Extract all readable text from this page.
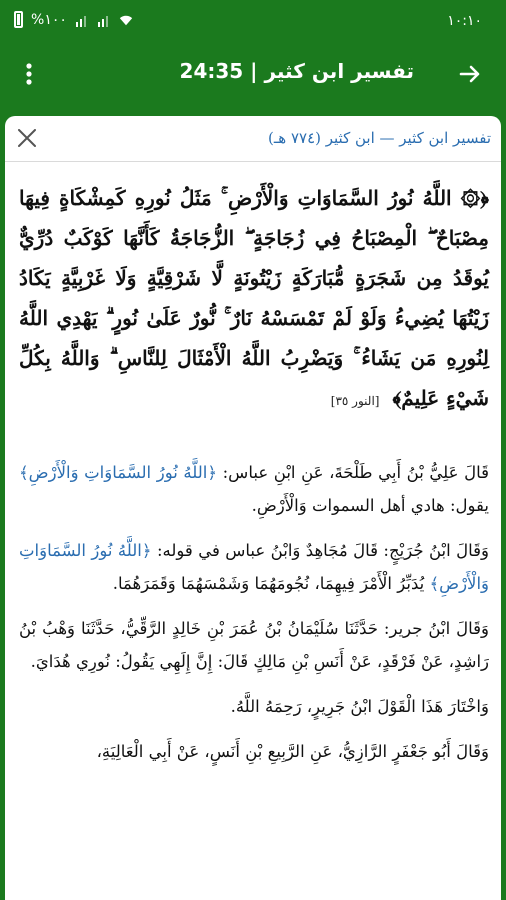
%١٠٠	١٠:١٠
تفسير ابن كثير | 24:35
تفسير ابن كثير — ابن كثير (٧٧٤ هـ)
﴿۞ اللَّهُ نُورُ السَّمَاوَاتِ وَالْأَرْضِ ۚ مَثَلُ نُورِهِ كَمِشْكَاةٍ فِيهَا مِصْبَاحٌ ۖ الْمِصْبَاحُ فِي زُجَاجَةٍ ۖ الزُّجَاجَةُ كَأَنَّهَا كَوْكَبٌ دُرِّيٌّ يُوقَدُ مِن شَجَرَةٍ مُّبَارَكَةٍ زَيْتُونَةٍ لَّا شَرْقِيَّةٍ وَلَا غَرْبِيَّةٍ يَكَادُ زَيْتُهَا يُضِيءُ وَلَوْ لَمْ تَمْسَسْهُ نَارٌ ۚ نُّورٌ عَلَىٰ نُورٍ ۗ يَهْدِي اللَّهُ لِنُورِهِ مَن يَشَاءُ ۚ وَيَضْرِبُ اللَّهُ الْأَمْثَالَ لِلنَّاسِ ۗ وَاللَّهُ بِكُلِّ شَيْءٍ عَلِيمٌ﴾ [النور ٣٥]

قَالَ عَلِيُّ بْنُ أَبِي طَلْحَةَ، عَنِ ابْنِ عباس: ﴿اللَّهُ نُورُ السَّمَاوَاتِ وَالْأَرْضِ﴾ يقول: هادي أهل السموات وَالْأَرْضِ.

وَقَالَ ابْنُ جُرَيْجٍ: قَالَ مُجَاهِدٌ وَابْنُ عباس في قوله: ﴿اللَّهُ نُورُ السَّمَاوَاتِ وَالْأَرْضِ﴾ يُدَبِّرُ الْأَمْرَ فِيهِمَا، نُجُومَهُمَا وَشَمْسَهُمَا وَقَمَرَهُمَا.

وَقَالَ ابْنُ جرير: حَدَّثَنَا سُلَيْمَانُ بْنُ عُمَرَ بْنِ خَالِدٍ الرَّقِّيُّ، حَدَّثَنَا وَهْبُ بْنُ رَاشِدٍ، عَنْ فَرْقَدٍ، عَنْ أَنَسِ بْنِ مَالِكٍ قَالَ: إِنَّ إِلَهِي يَقُولُ: نُورِي هُدَايَ.

وَاخْتَارَ هَذَا الْقَوْلَ ابْنُ جَرِيرٍ، رَحِمَهُ اللَّهُ.

وَقَالَ أَبُو جَعْفَرٍ الرَّازِيُّ، عَنِ الرَّبِيعِ بْنِ أَنَسٍ، عَنْ أَبِي الْعَالِيَةِ،
